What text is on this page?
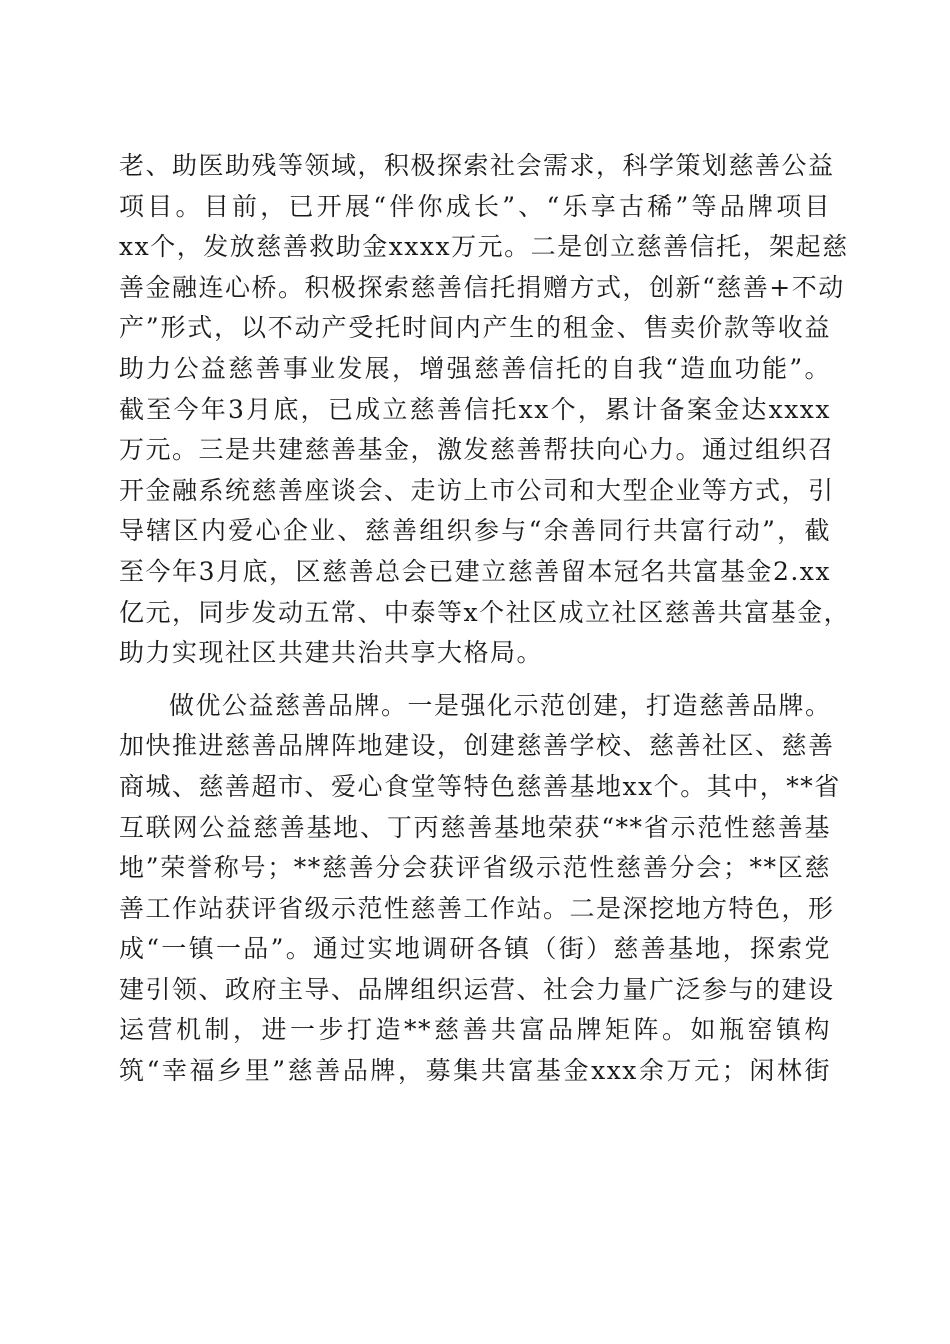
老、助医助残等领域，积极探索社会需求，科学策划慈善公益
项目。目前，已开展“伴你成长”、“乐享古稀”等品牌项目
xx个，发放慈善救助金xxxx万元。二是创立慈善信托，架起慈
善金融连心桥。积极探索慈善信托捐赠方式，创新“慈善+不动
产”形式，以不动产受托时间内产生的租金、售卖价款等收益
助力公益慈善事业发展，增强慈善信托的自我“造血功能”。
截至今年3月底，已成立慈善信托xx个，累计备案金达xxxx
万元。三是共建慈善基金，激发慈善帮扶向心力。通过组织召
开金融系统慈善座谈会、走访上市公司和大型企业等方式，引
导辖区内爱心企业、慈善组织参与“余善同行共富行动”，截
至今年3月底，区慈善总会已建立慈善留本冠名共富基金2.xx
亿元，同步发动五常、中泰等x个社区成立社区慈善共富基金，
助力实现社区共建共治共享大格局。
做优公益慈善品牌。一是强化示范创建，打造慈善品牌。
加快推进慈善品牌阵地建设，创建慈善学校、慈善社区、慈善
商城、慈善超市、爱心食堂等特色慈善基地xx个。其中，**省
互联网公益慈善基地、丁丙慈善基地荣获“**省示范性慈善基
地”荣誉称号；**慈善分会获评省级示范性慈善分会；**区慈
善工作站获评省级示范性慈善工作站。二是深挖地方特色，形
成“一镇一品”。通过实地调研各镇（街）慈善基地，探索党
建引领、政府主导、品牌组织运营、社会力量广泛参与的建设
运营机制，进一步打造**慈善共富品牌矩阵。如瓶窑镇构
筑“幸福乡里”慈善品牌，募集共富基金xxx余万元；闲林街
